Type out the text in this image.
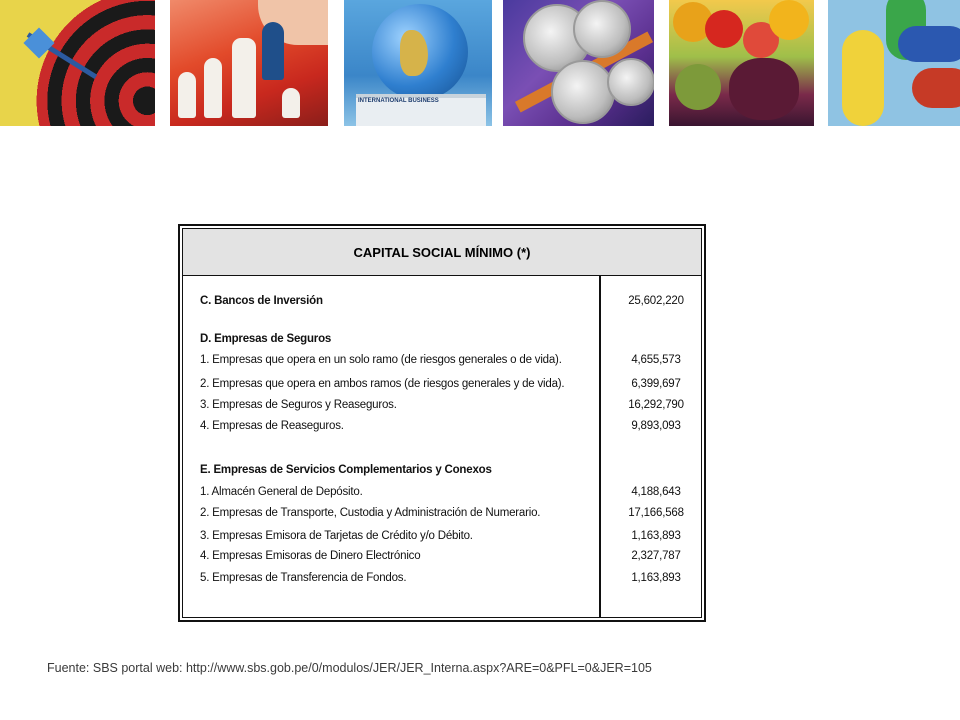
INTERNATIONAL BUSINESS
CAPITAL SOCIAL MÍNIMO (*)
C. Bancos de Inversión	25,602,220
D. Empresas de Seguros
1. Empresas que opera en un solo ramo (de riesgos generales o de vida).	4,655,573
2. Empresas que opera en ambos ramos (de riesgos generales y de vida).	6,399,697
3. Empresas de Seguros y Reaseguros.	16,292,790
4. Empresas de Reaseguros.	9,893,093
E. Empresas de Servicios Complementarios y Conexos
1. Almacén General de Depósito.	4,188,643
2. Empresas de Transporte, Custodia y Administración de Numerario.	17,166,568
3. Empresas Emisora de Tarjetas de Crédito y/o Débito.	1,163,893
4. Empresas Emisoras de Dinero Electrónico	2,327,787
5. Empresas de Transferencia de Fondos.	1,163,893
Fuente: SBS portal web: http://www.sbs.gob.pe/0/modulos/JER/JER_Interna.aspx?ARE=0&PFL=0&JER=105
